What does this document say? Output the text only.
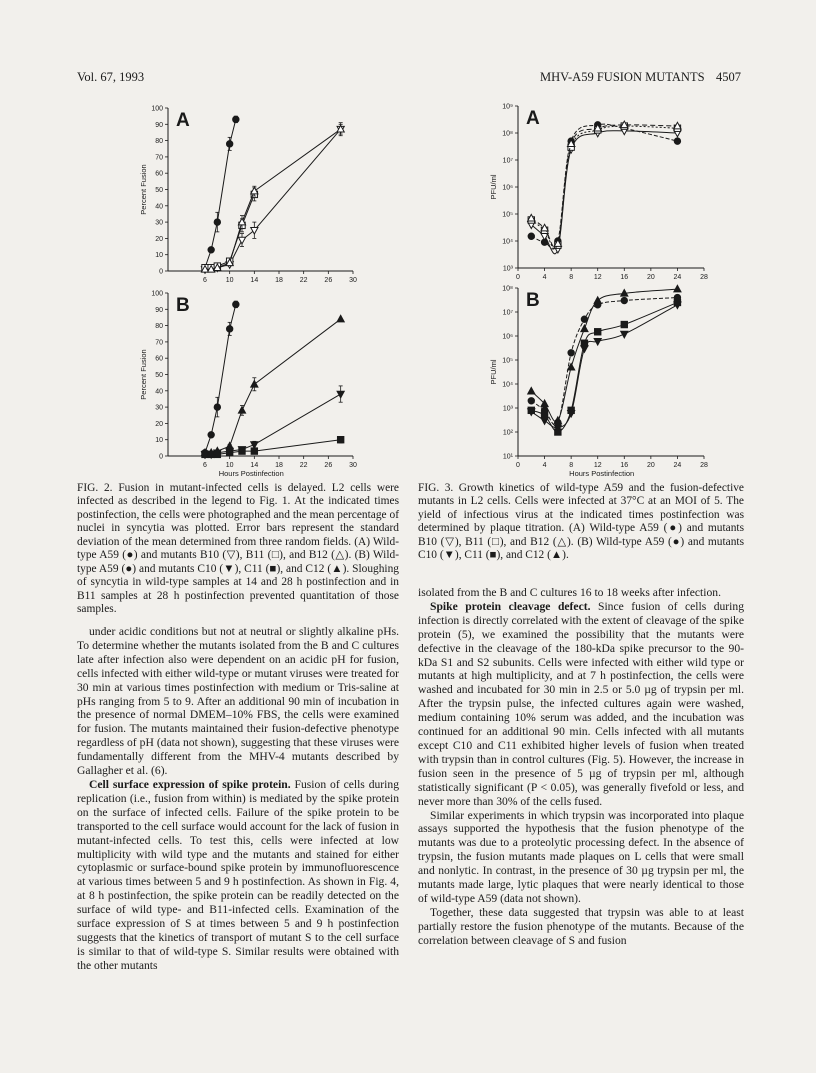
Vol. 67, 1993	MHV-A59 FUSION MUTANTS 4507
0
10
20
30
40
50
60
70
80
90
100
6	10 14 18 22 26 30
Percent Fusion
A
0
10
20
30
40
50
60
70
80
90
100
6	10 14 18 22 26 30
Percent Fusion
Hours Postinfection
B
10³
10⁴
10⁵
10⁶
10⁷
10⁸
10⁹
0	4	8	12	16	20	24	28
PFU/ml
A
10¹
10²
10³
10⁴
10⁵
10⁶
10⁷
10⁸
0	4	8	12	16	20	24	28
PFU/ml
Hours Postinfection
B
FIG. 2. Fusion in mutant-infected cells is delayed. L2 cells were infected as described in the legend to Fig. 1. At the indicated times postinfection, the cells were photographed and the mean percentage of nuclei in syncytia was plotted. Error bars represent the standard deviation of the mean determined from three random fields. (A) Wild-type A59 (●) and mutants B10 (▽), B11 (□), and B12 (△). (B) Wild-type A59 (●) and mutants C10 (▼), C11 (■), and C12 (▲). Sloughing of syncytia in wild-type samples at 14 and 28 h postinfection and in B11 samples at 28 h postinfection prevented quantitation of those samples.
FIG. 3. Growth kinetics of wild-type A59 and the fusion-defective mutants in L2 cells. Cells were infected at 37°C at an MOI of 5. The yield of infectious virus at the indicated times postinfection was determined by plaque titration. (A) Wild-type A59 (●) and mutants B10 (▽), B11 (□), and B12 (△). (B) Wild-type A59 (●) and mutants C10 (▼), C11 (■), and C12 (▲).

under acidic conditions but not at neutral or slightly alkaline pHs. To determine whether the mutants isolated from the B and C cultures late after infection also were dependent on an acidic pH for fusion, cells infected with either wild-type or mutant viruses were treated for 30 min at various times postinfection with medium or Tris-saline at pHs ranging from 5 to 9. After an additional 90 min of incubation in the presence of normal DMEM–10% FBS, the cells were examined for fusion. The mutants maintained their fusion-defective phenotype regardless of pH (data not shown), suggesting that these viruses were fundamentally different from the MHV-4 mutants described by Gallagher et al. (6).

Cell surface expression of spike protein. Fusion of cells during replication (i.e., fusion from within) is mediated by the spike protein on the surface of infected cells. Failure of the spike protein to be transported to the cell surface would account for the lack of fusion in mutant-infected cells. To test this, cells were infected at low multiplicity with wild type and the mutants and stained for either cytoplasmic or surface-bound spike protein by immunofluorescence at various times between 5 and 9 h postinfection. As shown in Fig. 4, at 8 h postinfection, the spike protein can be readily detected on the surface of wild type- and B11-infected cells. Examination of the surface expression of S at times between 5 and 9 h postinfection suggests that the kinetics of transport of mutant S to the cell surface is similar to that of wild-type S. Similar results were obtained with the other mutants

isolated from the B and C cultures 16 to 18 weeks after infection.

Spike protein cleavage defect. Since fusion of cells during infection is directly correlated with the extent of cleavage of the spike protein (5), we examined the possibility that the mutants were defective in the cleavage of the 180-kDa spike precursor to the 90-kDa S1 and S2 subunits. Cells were infected with either wild type or mutants at high multiplicity, and at 7 h postinfection, the cells were washed and incubated for 30 min in 2.5 or 5.0 µg of trypsin per ml. After the trypsin pulse, the infected cultures again were washed, medium containing 10% serum was added, and the incubation was continued for an additional 90 min. Cells infected with all mutants except C10 and C11 exhibited higher levels of fusion when treated with trypsin than in control cultures (Fig. 5). However, the increase in fusion seen in the presence of 5 µg of trypsin per ml, although statistically significant (P < 0.05), was generally fivefold or less, and never more than 30% of the cells fused.

Similar experiments in which trypsin was incorporated into plaque assays supported the hypothesis that the fusion phenotype of the mutants was due to a proteolytic processing defect. In the absence of trypsin, the fusion mutants made plaques on L cells that were small and nonlytic. In contrast, in the presence of 30 µg trypsin per ml, the mutants made large, lytic plaques that were nearly identical to those of wild-type A59 (data not shown).

Together, these data suggested that trypsin was able to at least partially restore the fusion phenotype of the mutants. Because of the correlation between cleavage of S and fusion
